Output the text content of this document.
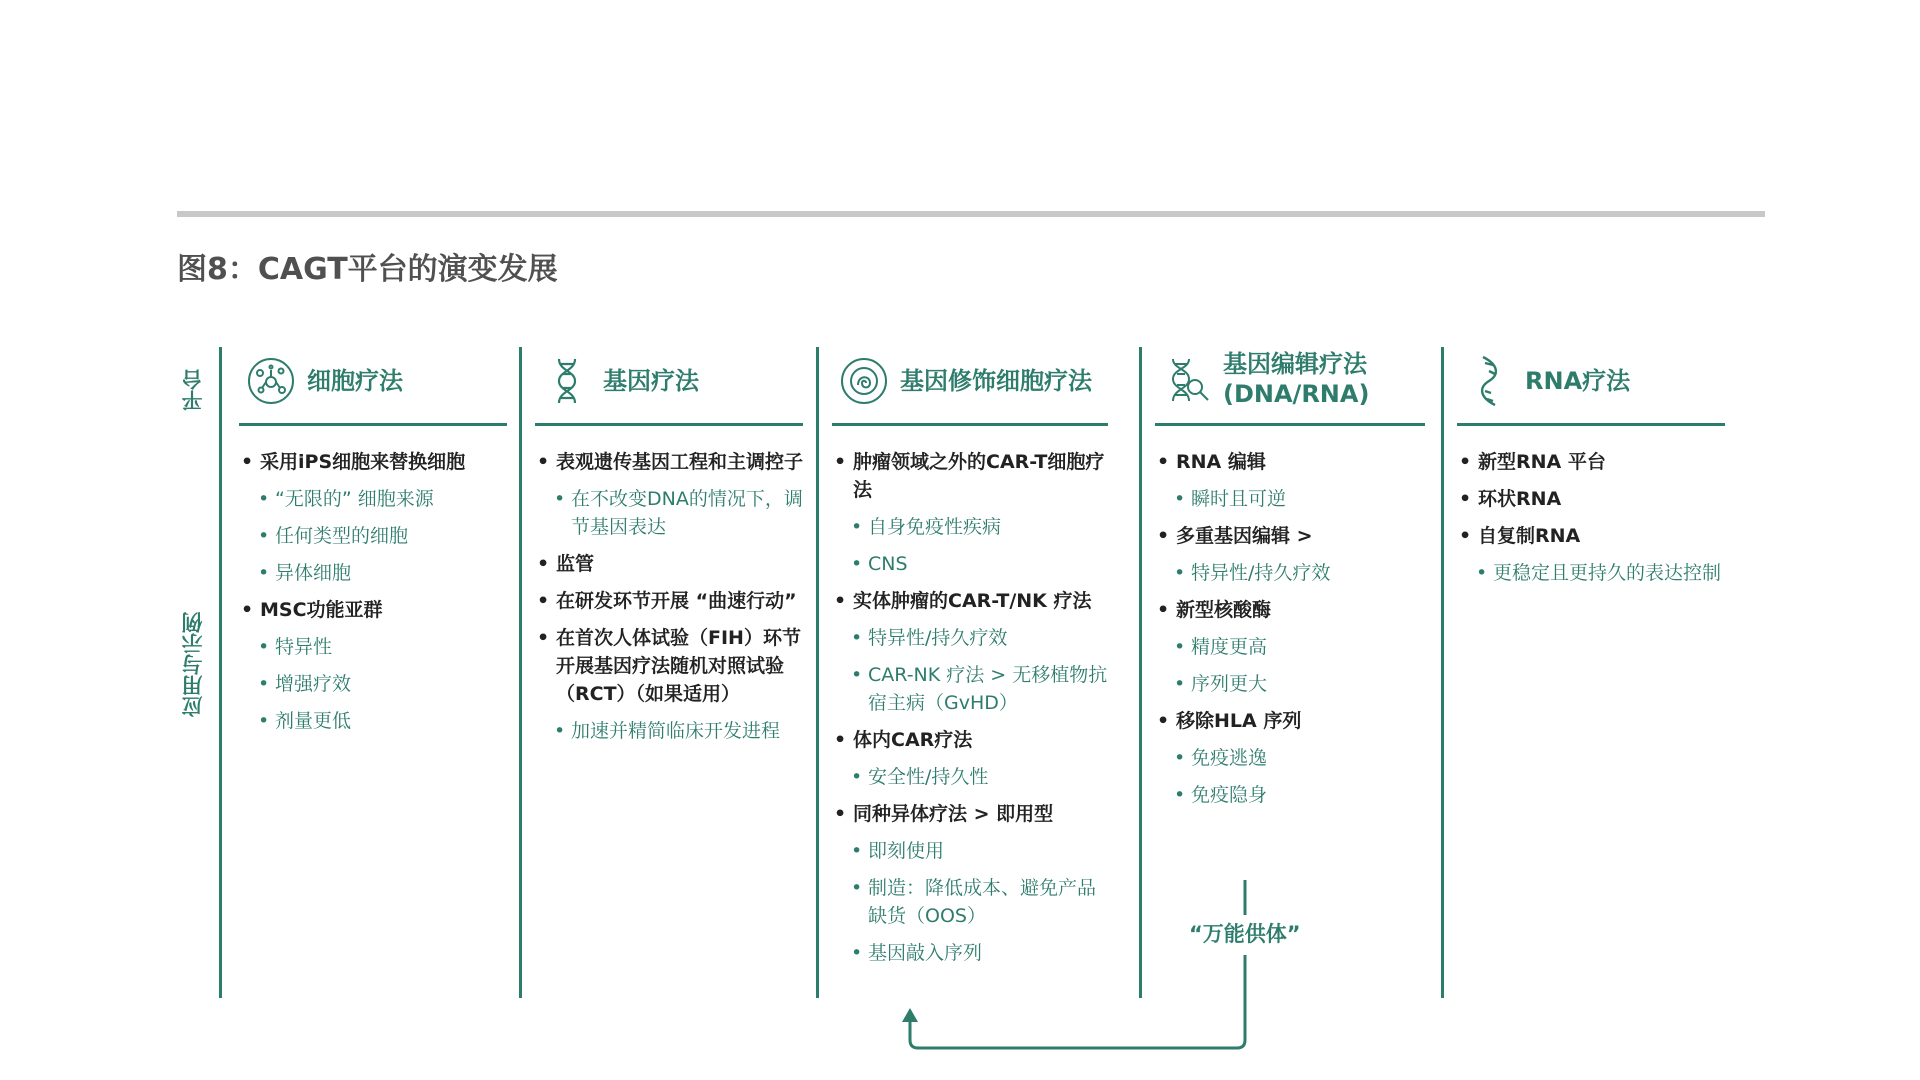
图8：CAGT平台的演变发展
平台
应用与示例
细胞疗法
• 采用iPS细胞来替换细胞
• “无限的” 细胞来源
• 任何类型的细胞
• 异体细胞
• MSC功能亚群
• 特异性
• 增强疗效
• 剂量更低
基因疗法
• 表观遗传基因工程和主调控子
• 在不改变DNA的情况下，调节基因表达
• 监管
• 在研发环节开展 “曲速行动”
• 在首次人体试验（FIH）环节开展基因疗法随机对照试验（RCT）（如果适用）
• 加速并精简临床开发进程
基因修饰细胞疗法
• 肿瘤领域之外的CAR-T细胞疗法
• 自身免疫性疾病
• CNS
• 实体肿瘤的CAR-T/NK 疗法
• 特异性/持久疗效
• CAR-NK 疗法 > 无移植物抗宿主病（GvHD）
• 体内CAR疗法
• 安全性/持久性
• 同种异体疗法 > 即用型
• 即刻使用
• 制造：降低成本、避免产品缺货（OOS）
• 基因敲入序列
基因编辑疗法
(DNA/RNA)
• RNA 编辑
• 瞬时且可逆
• 多重基因编辑 >
• 特异性/持久疗效
• 新型核酸酶
• 精度更高
• 序列更大
• 移除HLA 序列
• 免疫逃逸
• 免疫隐身
RNA疗法
• 新型RNA 平台
• 环状RNA
• 自复制RNA
• 更稳定且更持久的表达控制
“万能供体”
